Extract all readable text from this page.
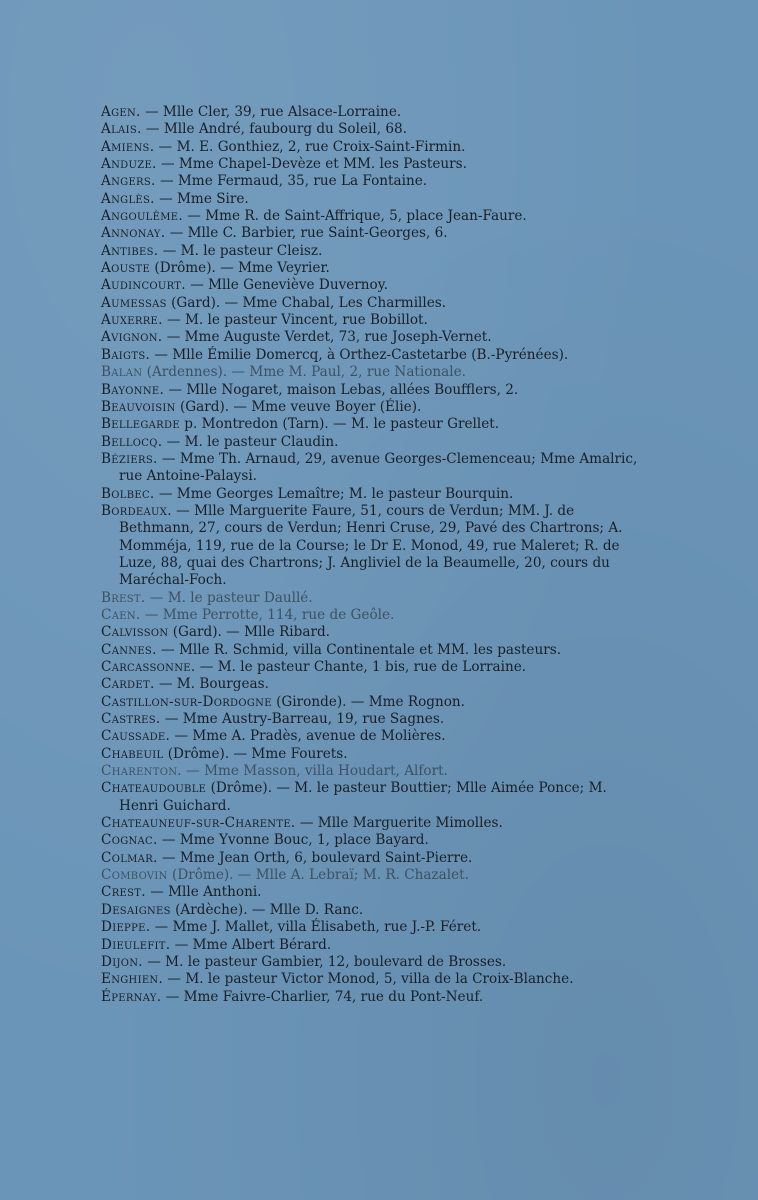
Agen. — Mlle Cler, 39, rue Alsace-Lorraine.

Alais. — Mlle André, faubourg du Soleil, 68.

Amiens. — M. E. Gonthiez, 2, rue Croix-Saint-Firmin.

Anduze. — Mme Chapel-Devèze et MM. les Pasteurs.

Angers. — Mme Fermaud, 35, rue La Fontaine.

Anglès. — Mme Sire.

Angoulême. — Mme R. de Saint-Affrique, 5, place Jean-Faure.

Annonay. — Mlle C. Barbier, rue Saint-Georges, 6.

Antibes. — M. le pasteur Cleisz.

Aouste (Drôme). — Mme Veyrier.

Audincourt. — Mlle Geneviève Duvernoy.

Aumessas (Gard). — Mme Chabal, Les Charmilles.

Auxerre. — M. le pasteur Vincent, rue Bobillot.

Avignon. — Mme Auguste Verdet, 73, rue Joseph-Vernet.

Baigts. — Mlle Émilie Domercq, à Orthez-Castetarbe (B.-Pyrénées).

Balan (Ardennes). — Mme M. Paul, 2, rue Nationale.

Bayonne. — Mlle Nogaret, maison Lebas, allées Boufflers, 2.

Beauvoisin (Gard). — Mme veuve Boyer (Élie).

Bellegarde p. Montredon (Tarn). — M. le pasteur Grellet.

Bellocq. — M. le pasteur Claudin.

Béziers. — Mme Th. Arnaud, 29, avenue Georges-Clemenceau; Mme Amalric, rue Antoine-Palaysi.

Bolbec. — Mme Georges Lemaître; M. le pasteur Bourquin.

Bordeaux. — Mlle Marguerite Faure, 51, cours de Verdun; MM. J. de Bethmann, 27, cours de Verdun; Henri Cruse, 29, Pavé des Chartrons; A. Momméja, 119, rue de la Course; le Dr E. Monod, 49, rue Maleret; R. de Luze, 88, quai des Chartrons; J. Angliviel de la Beaumelle, 20, cours du Maréchal-Foch.

Brest. — M. le pasteur Daullé.

Caen. — Mme Perrotte, 114, rue de Geôle.

Calvisson (Gard). — Mlle Ribard.

Cannes. — Mlle R. Schmid, villa Continentale et MM. les pasteurs.

Carcassonne. — M. le pasteur Chante, 1 bis, rue de Lorraine.

Cardet. — M. Bourgeas.

Castillon-sur-Dordogne (Gironde). — Mme Rognon.

Castres. — Mme Austry-Barreau, 19, rue Sagnes.

Caussade. — Mme A. Pradès, avenue de Molières.

Chabeuil (Drôme). — Mme Fourets.

Charenton. — Mme Masson, villa Houdart, Alfort.

Chateaudouble (Drôme). — M. le pasteur Bouttier; Mlle Aimée Ponce; M. Henri Guichard.

Chateauneuf-sur-Charente. — Mlle Marguerite Mimolles.

Cognac. — Mme Yvonne Bouc, 1, place Bayard.

Colmar. — Mme Jean Orth, 6, boulevard Saint-Pierre.

Combovin (Drôme). — Mlle A. Lebraï; M. R. Chazalet.

Crest. — Mlle Anthoni.

Desaignes (Ardèche). — Mlle D. Ranc.

Dieppe. — Mme J. Mallet, villa Élisabeth, rue J.-P. Féret.

Dieulefit. — Mme Albert Bérard.

Dijon. — M. le pasteur Gambier, 12, boulevard de Brosses.

Enghien. — M. le pasteur Victor Monod, 5, villa de la Croix-Blanche.

Épernay. — Mme Faivre-Charlier, 74, rue du Pont-Neuf.
